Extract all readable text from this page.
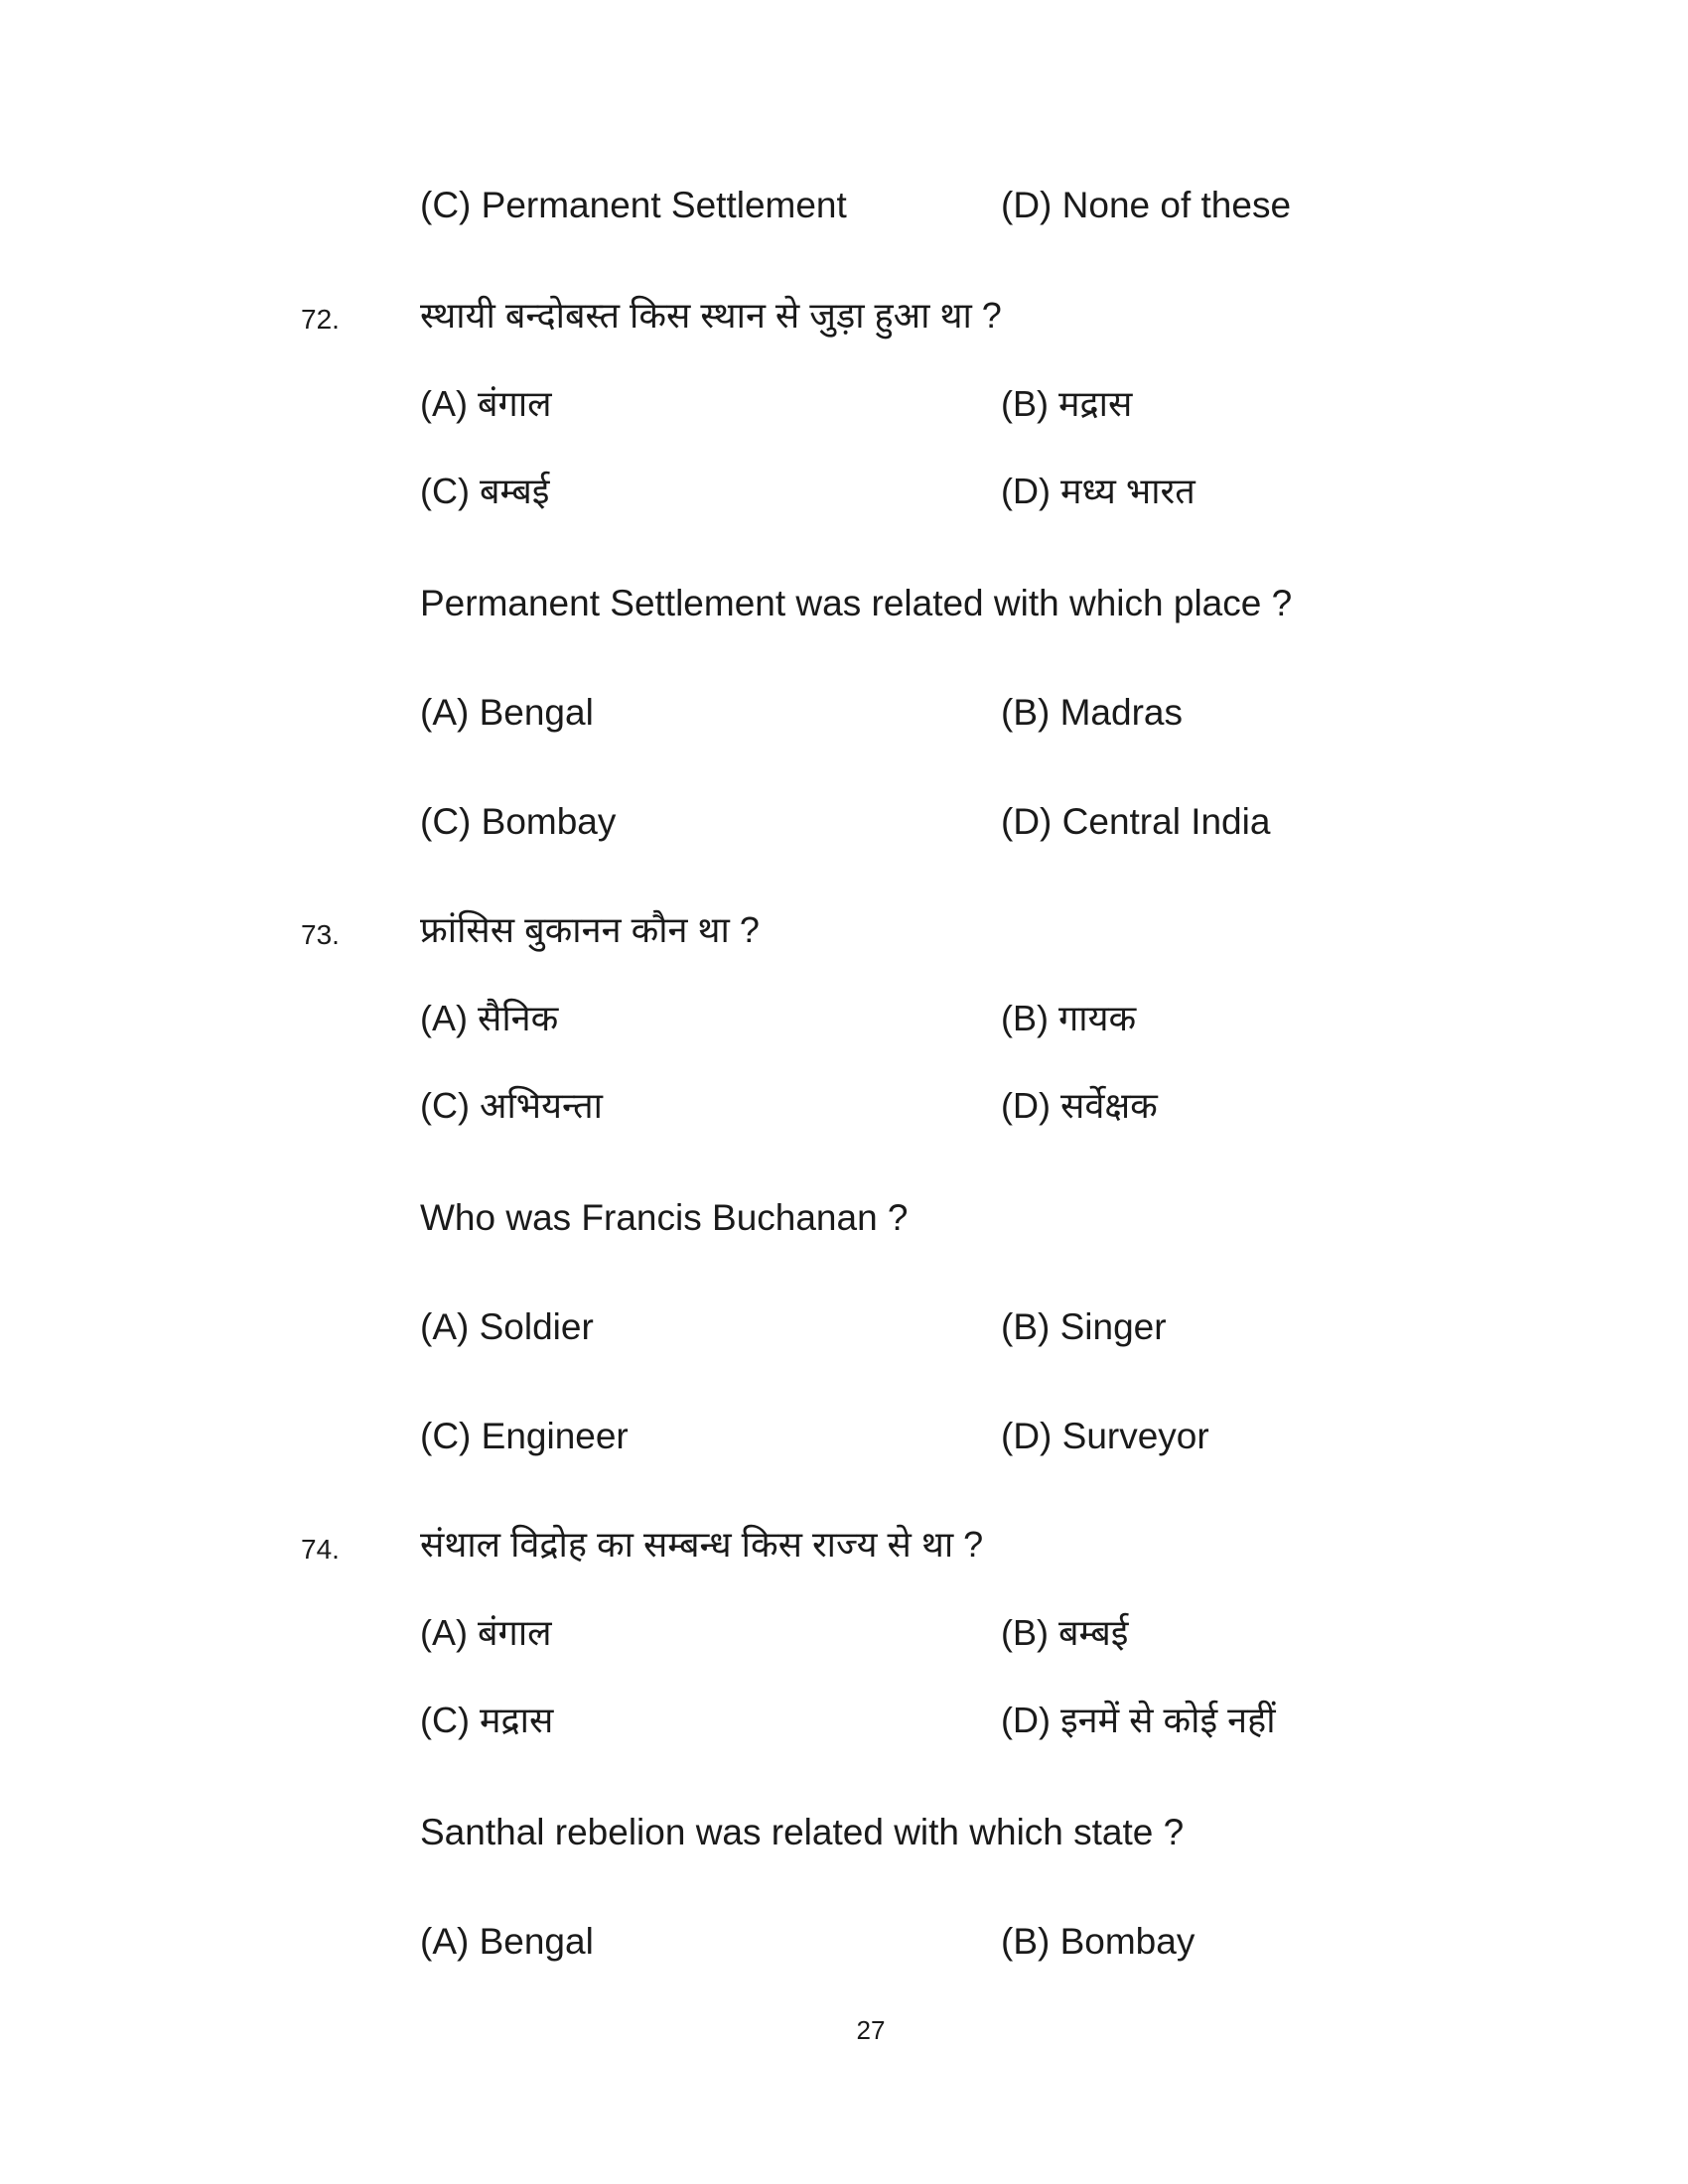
(C) Permanent Settlement	(D) None of these
72. स्थायी बन्दोबस्त किस स्थान से जुड़ा हुआ था ?
(A) बंगाल	(B) मद्रास
(C) बम्बई	(D) मध्य भारत
Permanent Settlement was related with which place ?
(A) Bengal	(B) Madras
(C) Bombay	(D) Central India
73. फ्रांसिस बुकानन कौन था ?
(A) सैनिक	(B) गायक
(C) अभियन्ता	(D) सर्वेक्षक
Who was Francis Buchanan ?
(A) Soldier	(B) Singer
(C) Engineer	(D) Surveyor
74. संथाल विद्रोह का सम्बन्ध किस राज्य से था ?
(A) बंगाल	(B) बम्बई
(C) मद्रास	(D) इनमें से कोई नहीं
Santhal rebelion was related with which state ?
(A) Bengal	(B) Bombay
27
